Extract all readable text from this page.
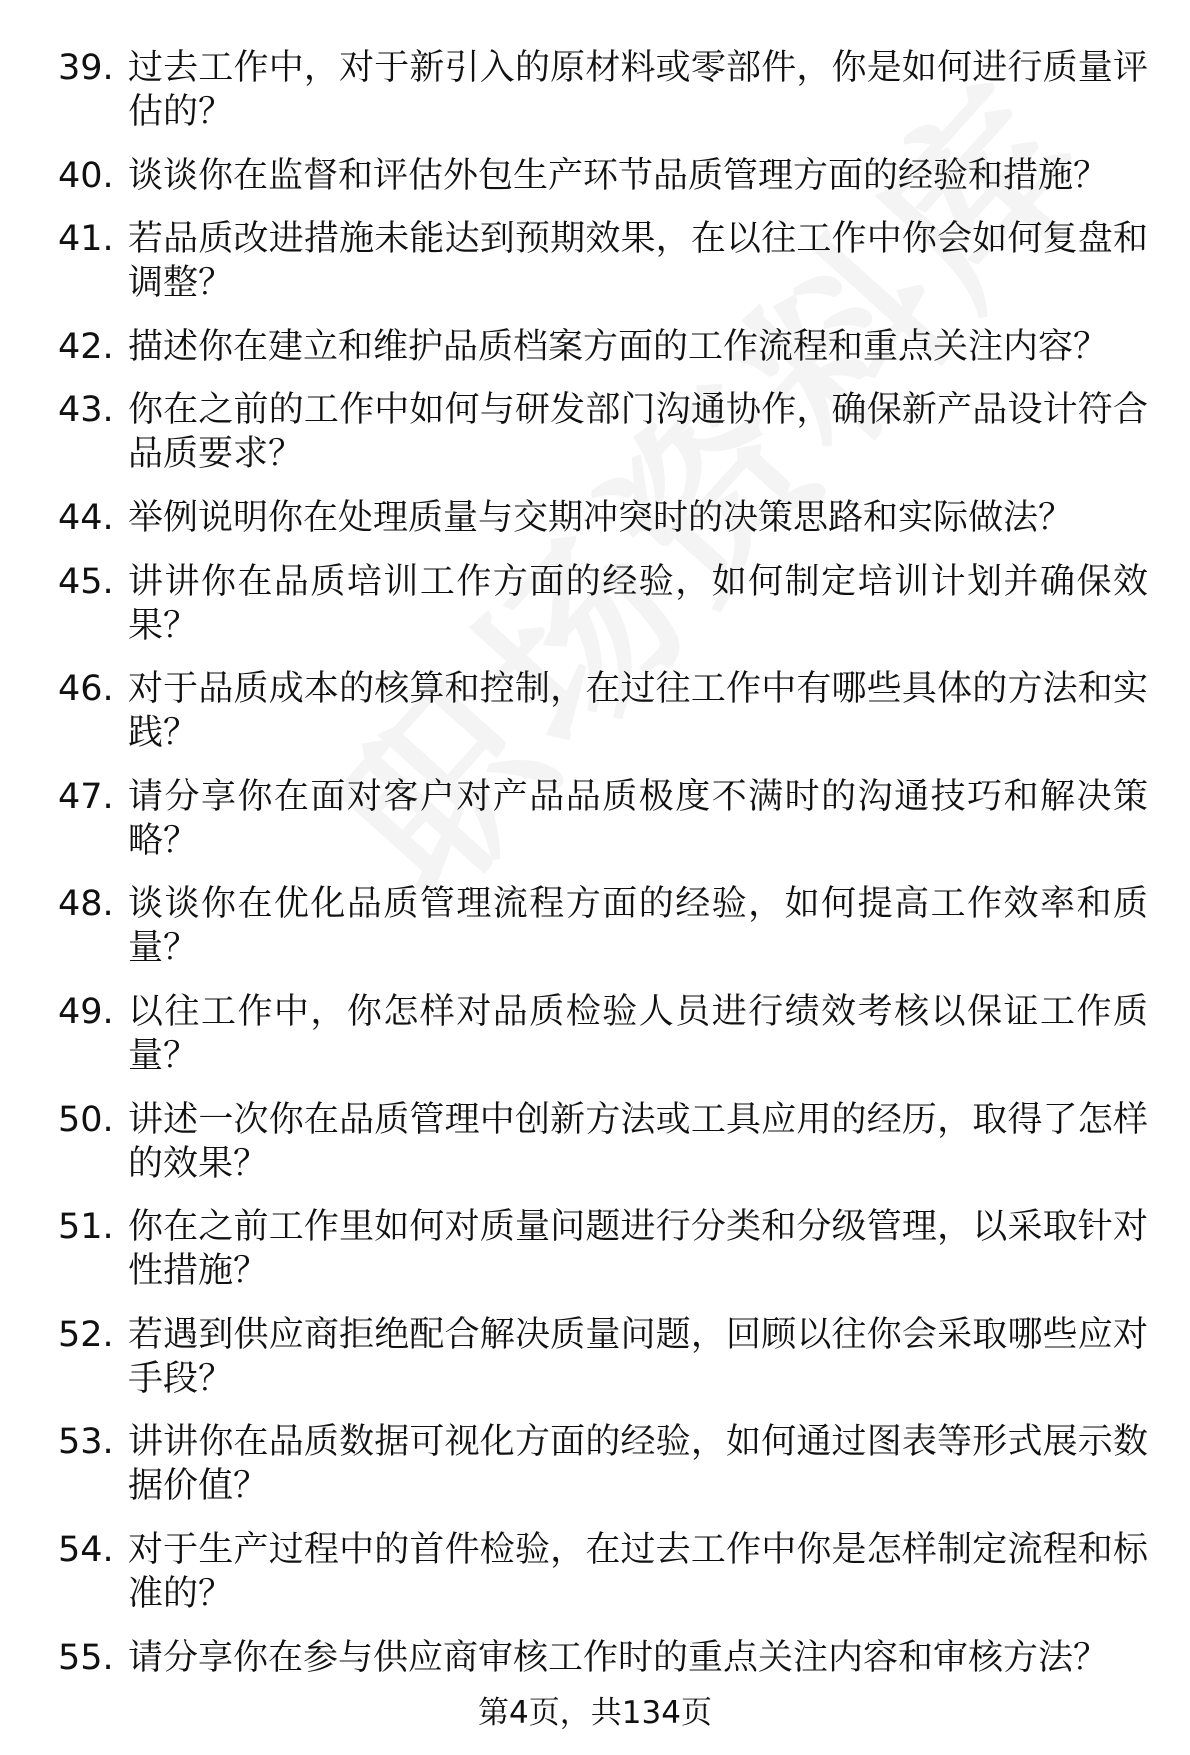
39. 过去工作中，对于新引入的原材料或零部件，你是如何进行质量评估的？
40. 谈谈你在监督和评估外包生产环节品质管理方面的经验和措施？
41. 若品质改进措施未能达到预期效果，在以往工作中你会如何复盘和调整？
42. 描述你在建立和维护品质档案方面的工作流程和重点关注内容？
43. 你在之前的工作中如何与研发部门沟通协作，确保新产品设计符合品质要求？
44. 举例说明你在处理质量与交期冲突时的决策思路和实际做法？
45. 讲讲你在品质培训工作方面的经验，如何制定培训计划并确保效果？
46. 对于品质成本的核算和控制，在过往工作中有哪些具体的方法和实践？
47. 请分享你在面对客户对产品品质极度不满时的沟通技巧和解决策略？
48. 谈谈你在优化品质管理流程方面的经验，如何提高工作效率和质量？
49. 以往工作中，你怎样对品质检验人员进行绩效考核以保证工作质量？
50. 讲述一次你在品质管理中创新方法或工具应用的经历，取得了怎样的效果？
51. 你在之前工作里如何对质量问题进行分类和分级管理，以采取针对性措施？
52. 若遇到供应商拒绝配合解决质量问题，回顾以往你会采取哪些应对手段？
53. 讲讲你在品质数据可视化方面的经验，如何通过图表等形式展示数据价值？
54. 对于生产过程中的首件检验，在过去工作中你是怎样制定流程和标准的？
55. 请分享你在参与供应商审核工作时的重点关注内容和审核方法？
第4页，共134页
